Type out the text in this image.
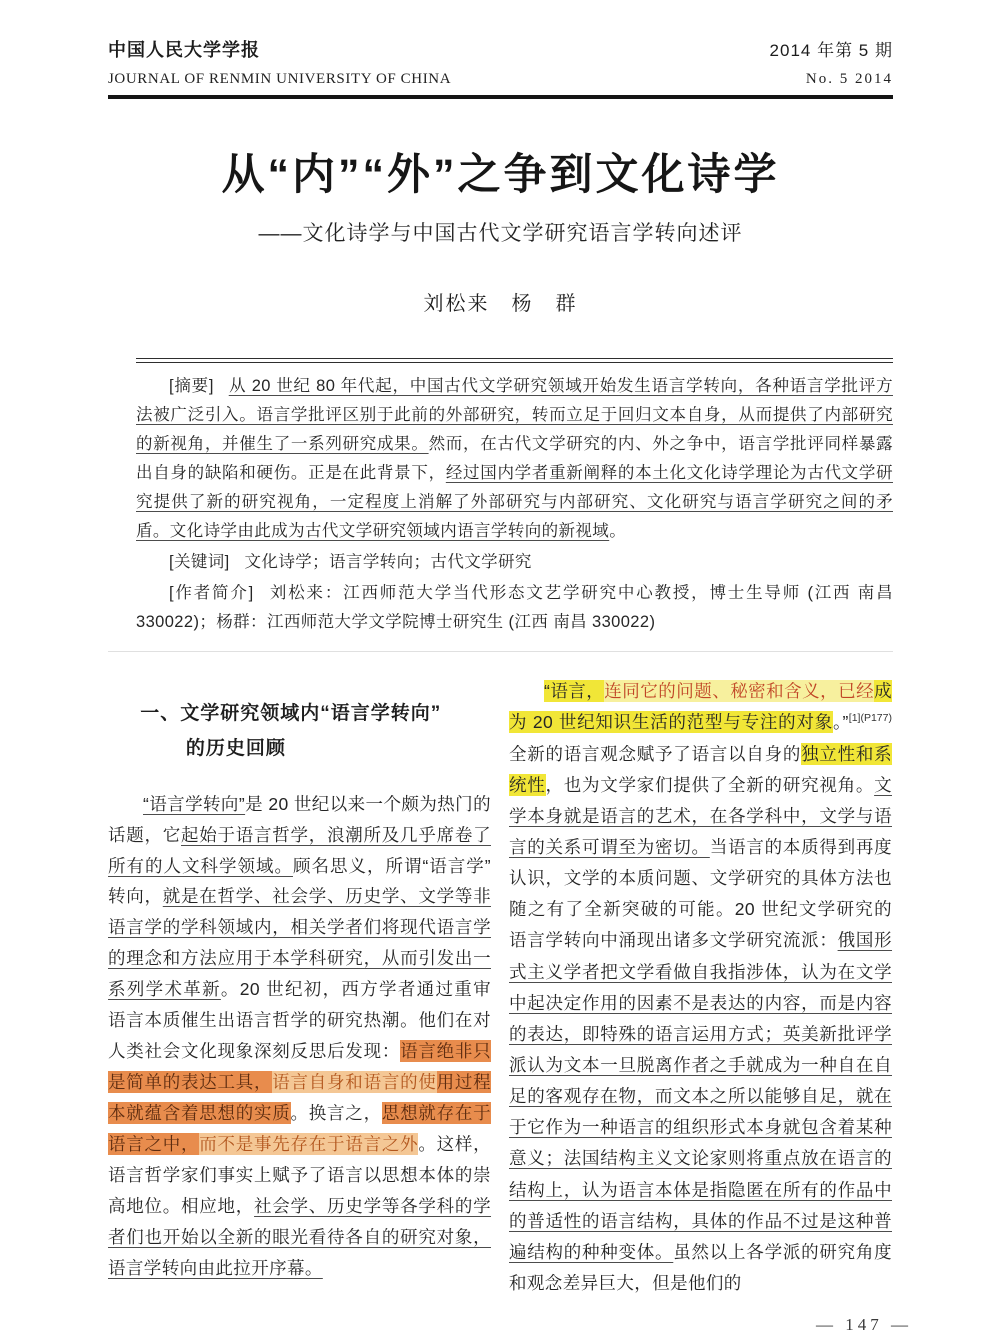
中国人民大学学报
JOURNAL OF RENMIN UNIVERSITY OF CHINA
2014 年第 5 期
No. 5 2014
从“内”“外”之争到文化诗学
——文化诗学与中国古代文学研究语言学转向述评
刘松来　杨　群

[摘要] 从 20 世纪 80 年代起，中国古代文学研究领域开始发生语言学转向，各种语言学批评方法被广泛引入。语言学批评区别于此前的外部研究，转而立足于回归文本自身，从而提供了内部研究的新视角，并催生了一系列研究成果。然而，在古代文学研究的内、外之争中，语言学批评同样暴露出自身的缺陷和硬伤。正是在此背景下，经过国内学者重新阐释的本土化文化诗学理论为古代文学研究提供了新的研究视角，一定程度上消解了外部研究与内部研究、文化研究与语言学研究之间的矛盾。文化诗学由此成为古代文学研究领域内语言学转向的新视域。

[关键词] 文化诗学；语言学转向；古代文学研究

[作者简介] 刘松来：江西师范大学当代形态文艺学研究中心教授，博士生导师 (江西 南昌 330022)；杨群：江西师范大学文学院博士研究生 (江西 南昌 330022)

一、文学研究领域内“语言学转向”
的历史回顾

“语言学转向”是 20 世纪以来一个颇为热门的话题，它起始于语言哲学，浪潮所及几乎席卷了所有的人文科学领域。顾名思义，所谓“语言学”转向，就是在哲学、社会学、历史学、文学等非语言学的学科领域内，相关学者们将现代语言学的理念和方法应用于本学科研究，从而引发出一系列学术革新。20 世纪初，西方学者通过重审语言本质催生出语言哲学的研究热潮。他们在对人类社会文化现象深刻反思后发现：语言绝非只是简单的表达工具，语言自身和语言的使用过程本就蕴含着思想的实质。换言之，思想就存在于语言之中，而不是事先存在于语言之外。这样，语言哲学家们事实上赋予了语言以思想本体的崇高地位。相应地，社会学、历史学等各学科的学者们也开始以全新的眼光看待各自的研究对象，语言学转向由此拉开序幕。

“语言，连同它的问题、秘密和含义，已经成为 20 世纪知识生活的范型与专注的对象。”$^{[1](P177)}$ 全新的语言观念赋予了语言以自身的独立性和系统性，也为文学家们提供了全新的研究视角。文学本身就是语言的艺术，在各学科中，文学与语言的关系可谓至为密切。当语言的本质得到再度认识，文学的本质问题、文学研究的具体方法也随之有了全新突破的可能。20 世纪文学研究的语言学转向中涌现出诸多文学研究流派：俄国形式主义学者把文学看做自我指涉体，认为在文学中起决定作用的因素不是表达的内容，而是内容的表达，即特殊的语言运用方式；英美新批评学派认为文本一旦脱离作者之手就成为一种自在自足的客观存在物，而文本之所以能够自足，就在于它作为一种语言的组织形式本身就包含着某种意义；法国结构主义文论家则将重点放在语言的结构上，认为语言本体是指隐匿在所有的作品中的普适性的语言结构，具体的作品不过是这种普遍结构的种种变体。虽然以上各学派的研究角度和观念差异巨大，但是他们的

— 147 —
